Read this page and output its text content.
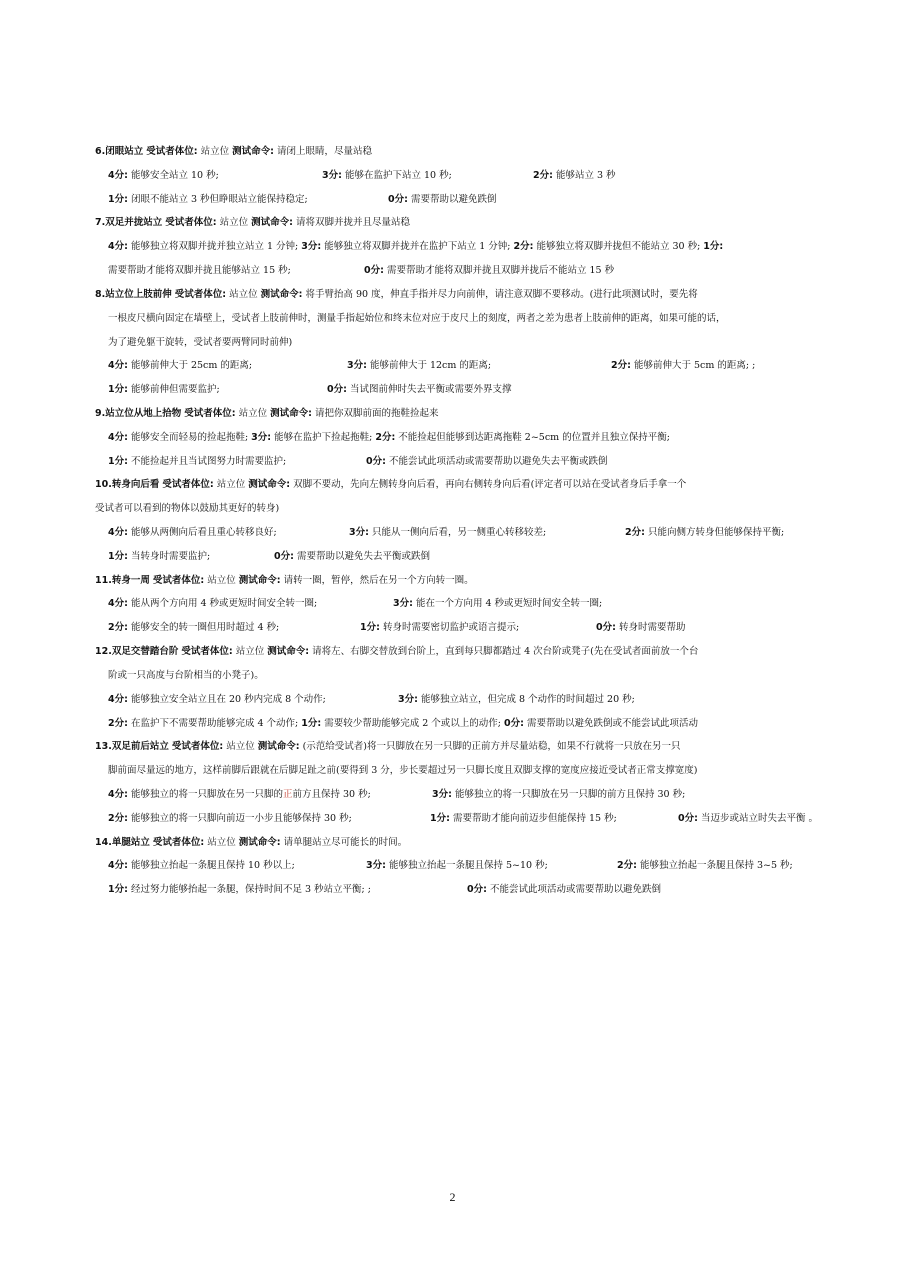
6.闭眼站立 受试者体位: 站立位 测试命令: 请闭上眼睛，尽量站稳
4分: 能够安全站立 10 秒;	3分: 能够在监护下站立 10 秒;	2分: 能够站立 3 秒
1分: 闭眼不能站立 3 秒但睁眼站立能保持稳定;	0分: 需要帮助以避免跌倒
7.双足并拢站立 受试者体位: 站立位 测试命令: 请将双脚并拢并且尽量站稳
4分: 能够独立将双脚并拢并独立站立 1 分钟; 3分: 能够独立将双脚并拢并在监护下站立 1 分钟; 2分: 能够独立将双脚并拢但不能站立 30 秒; 1分:
需要帮助才能将双脚并拢且能够站立 15 秒;	0分: 需要帮助才能将双脚并拢且双脚并拢后不能站立 15 秒
8.站立位上肢前伸 受试者体位: 站立位 测试命令: 将手臂抬高 90 度，伸直手指并尽力向前伸，请注意双脚不要移动。(进行此项测试时，要先将
一根皮尺横向固定在墙壁上，受试者上肢前伸时，测量手指起始位和终末位对应于皮尺上的刻度，两者之差为患者上肢前伸的距离，如果可能的话，
为了避免躯干旋转，受试者要两臂同时前伸)
4分: 能够前伸大于 25cm 的距离;	3分: 能够前伸大于 12cm 的距离;	2分: 能够前伸大于 5cm 的距离; ;
1分: 能够前伸但需要监护;	0分: 当试图前伸时失去平衡或需要外界支撑
9.站立位从地上拾物 受试者体位: 站立位 测试命令: 请把你双脚前面的拖鞋捡起来
4分: 能够安全而轻易的捡起拖鞋; 3分: 能够在监护下捡起拖鞋; 2分: 不能捡起但能够到达距离拖鞋 2~5cm 的位置并且独立保持平衡;
1分: 不能捡起并且当试图努力时需要监护;	0分: 不能尝试此项活动或需要帮助以避免失去平衡或跌倒
10.转身向后看 受试者体位: 站立位 测试命令: 双脚不要动，先向左侧转身向后看，再向右侧转身向后看(评定者可以站在受试者身后手拿一个
受试者可以看到的物体以鼓励其更好的转身)
4分: 能够从两侧向后看且重心转移良好;	3分: 只能从一侧向后看，另一侧重心转移较差;	2分: 只能向侧方转身但能够保持平衡;
1分: 当转身时需要监护;	0分: 需要帮助以避免失去平衡或跌倒
11.转身一周 受试者体位: 站立位 测试命令: 请转一圈，暂停，然后在另一个方向转一圈。
4分: 能从两个方向用 4 秒或更短时间安全转一圈;	3分: 能在一个方向用 4 秒或更短时间安全转一圈;
2分: 能够安全的转一圈但用时超过 4 秒;	1分: 转身时需要密切监护或语言提示;	0分: 转身时需要帮助
12.双足交替踏台阶 受试者体位: 站立位 测试命令: 请将左、右脚交替放到台阶上，直到每只脚都踏过 4 次台阶或凳子(先在受试者面前放一个台
阶或一只高度与台阶相当的小凳子)。
4分: 能够独立安全站立且在 20 秒内完成 8 个动作;	3分: 能够独立站立，但完成 8 个动作的时间超过 20 秒;
2分: 在监护下不需要帮助能够完成 4 个动作; 1分: 需要较少帮助能够完成 2 个或以上的动作; 0分: 需要帮助以避免跌倒或不能尝试此项活动
13.双足前后站立 受试者体位: 站立位 测试命令: (示范给受试者)将一只脚放在另一只脚的正前方并尽量站稳，如果不行就将一只放在另一只
脚前面尽量远的地方，这样前脚后跟就在后脚足趾之前(要得到 3 分，步长要超过另一只脚长度且双脚支撑的宽度应接近受试者正常支撑宽度)
4分: 能够独立的将一只脚放在另一只脚的正前方且保持 30 秒;	3分: 能够独立的将一只脚放在另一只脚的前方且保持 30 秒;
2分: 能够独立的将一只脚向前迈一小步且能够保持 30 秒;	1分: 需要帮助才能向前迈步但能保持 15 秒;	0分: 当迈步或站立时失去平衡 。
14.单腿站立 受试者体位: 站立位 测试命令: 请单腿站立尽可能长的时间。
4分: 能够独立抬起一条腿且保持 10 秒以上;	3分: 能够独立抬起一条腿且保持 5~10 秒;	2分: 能够独立抬起一条腿且保持 3~5 秒;
1分: 经过努力能够抬起一条腿，保持时间不足 3 秒站立平衡; ;	0分: 不能尝试此项活动或需要帮助以避免跌倒
2
